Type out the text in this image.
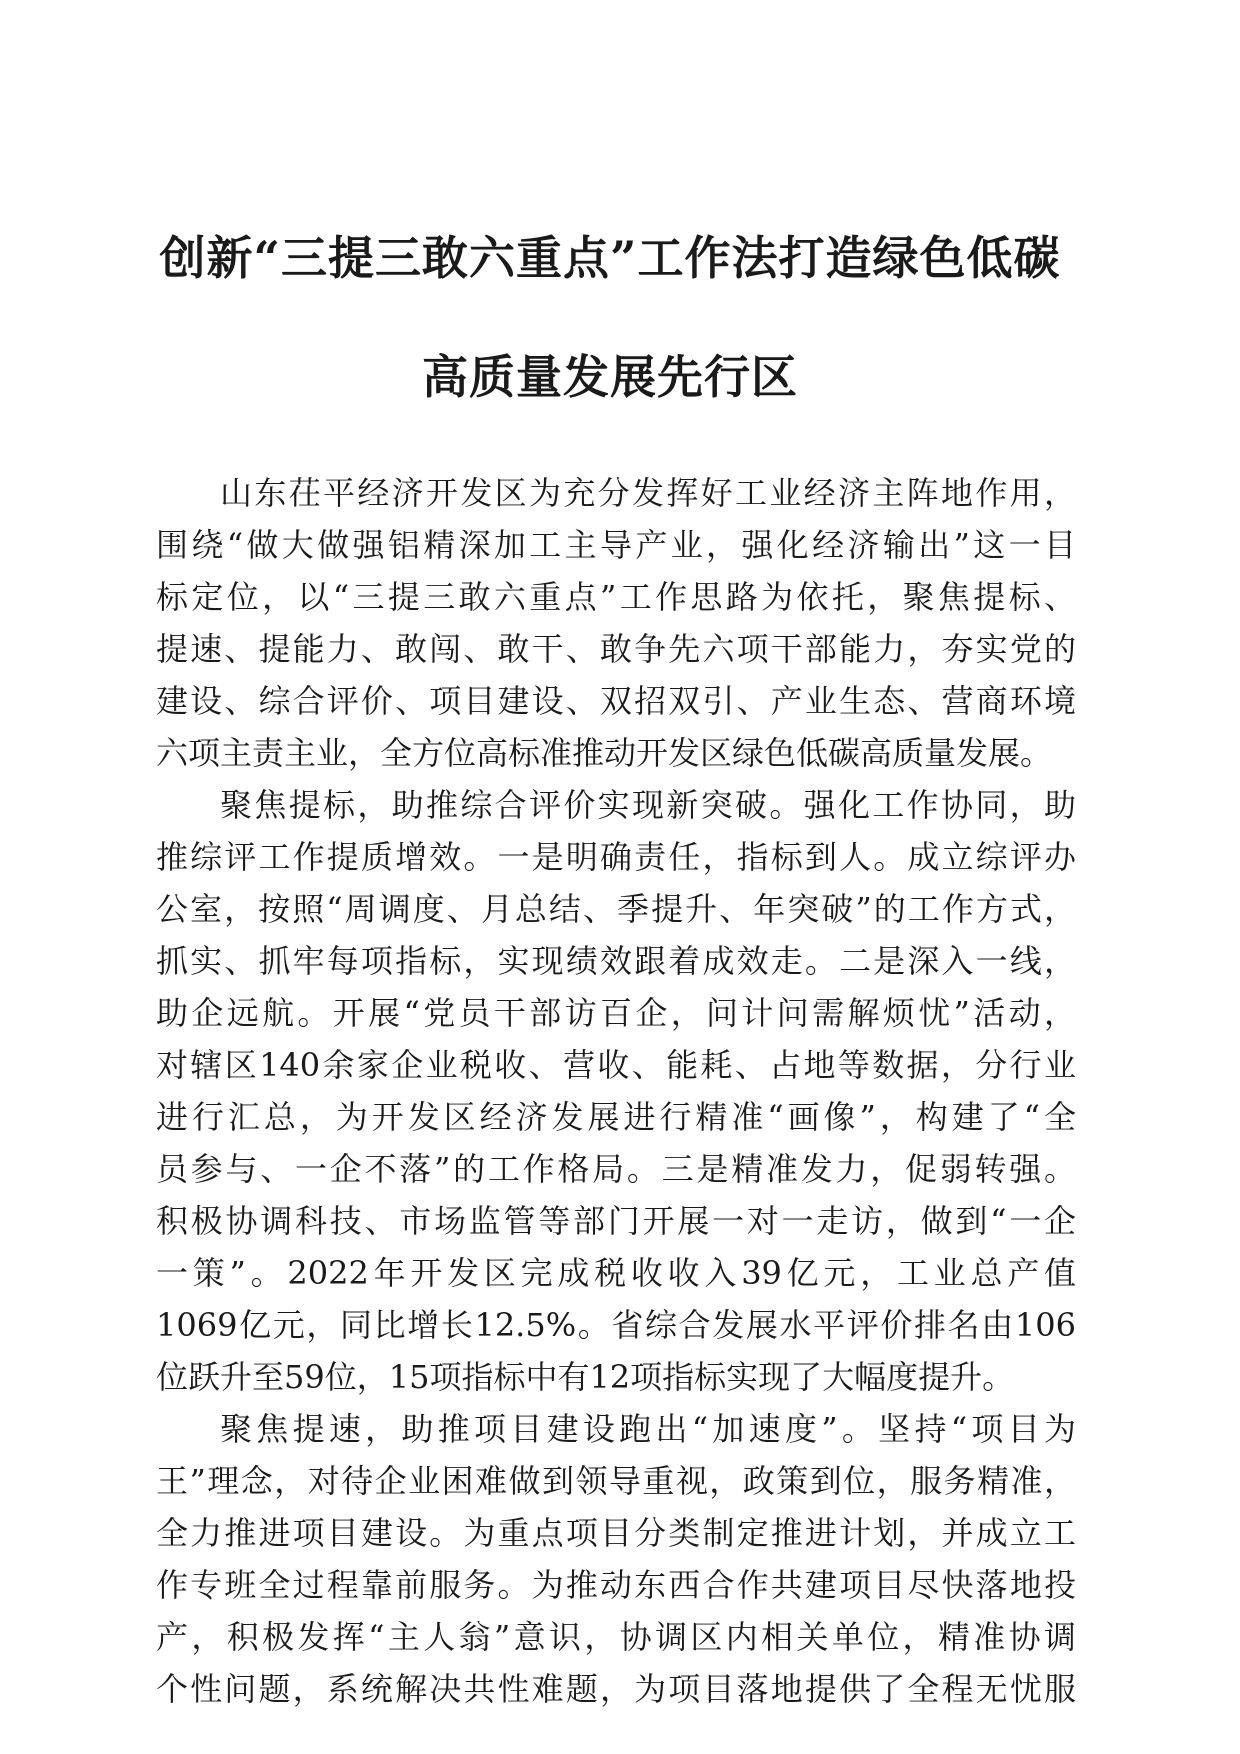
创新“三提三敢六重点”工作法打造绿色低碳
高质量发展先行区
山东茌平经济开发区为充分发挥好工业经济主阵地作用，
围绕“做大做强铝精深加工主导产业，强化经济输出”这一目
标定位，以“三提三敢六重点”工作思路为依托，聚焦提标、
提速、提能力、敢闯、敢干、敢争先六项干部能力，夯实党的
建设、综合评价、项目建设、双招双引、产业生态、营商环境
六项主责主业，全方位高标准推动开发区绿色低碳高质量发展。
聚焦提标，助推综合评价实现新突破。强化工作协同，助
推综评工作提质增效。一是明确责任，指标到人。成立综评办
公室，按照“周调度、月总结、季提升、年突破”的工作方式，
抓实、抓牢每项指标，实现绩效跟着成效走。二是深入一线，
助企远航。开展“党员干部访百企，问计问需解烦忧”活动，
对辖区140余家企业税收、营收、能耗、占地等数据，分行业
进行汇总，为开发区经济发展进行精准“画像”，构建了“全
员参与、一企不落”的工作格局。三是精准发力，促弱转强。
积极协调科技、市场监管等部门开展一对一走访，做到“一企
一策”。2022年开发区完成税收收入39亿元，工业总产值
1069亿元，同比增长12.5%。省综合发展水平评价排名由106
位跃升至59位，15项指标中有12项指标实现了大幅度提升。
聚焦提速，助推项目建设跑出“加速度”。坚持“项目为
王”理念，对待企业困难做到领导重视，政策到位，服务精准，
全力推进项目建设。为重点项目分类制定推进计划，并成立工
作专班全过程靠前服务。为推动东西合作共建项目尽快落地投
产，积极发挥“主人翁”意识，协调区内相关单位，精准协调
个性问题，系统解决共性难题，为项目落地提供了全程无忧服
